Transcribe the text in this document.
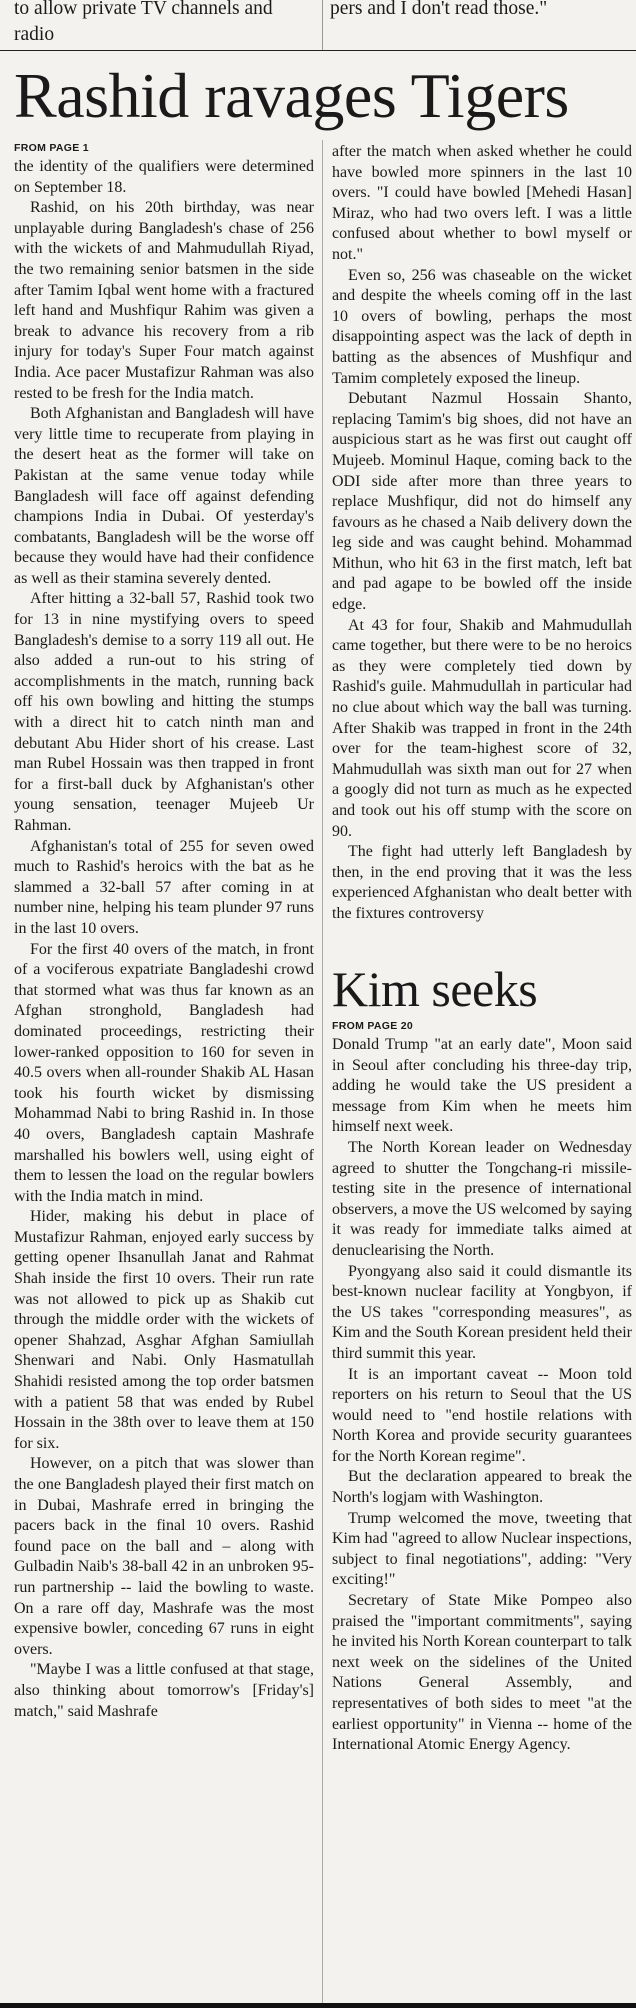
to allow private TV channels and radio

pers and I don't read those."

Rashid ravages Tigers
FROM PAGE 1

the identity of the qualifiers were determined on September 18.

Rashid, on his 20th birthday, was near unplayable during Bangladesh's chase of 256 with the wickets of and Mahmudullah Riyad, the two remaining senior batsmen in the side after Tamim Iqbal went home with a fractured left hand and Mushfiqur Rahim was given a break to advance his recovery from a rib injury for today's Super Four match against India. Ace pacer Mustafizur Rahman was also rested to be fresh for the India match.

Both Afghanistan and Bangladesh will have very little time to recuperate from playing in the desert heat as the former will take on Pakistan at the same venue today while Bangladesh will face off against defending champions India in Dubai. Of yesterday's combatants, Bangladesh will be the worse off because they would have had their confidence as well as their stamina severely dented.

After hitting a 32-ball 57, Rashid took two for 13 in nine mystifying overs to speed Bangladesh's demise to a sorry 119 all out. He also added a run-out to his string of accomplishments in the match, running back off his own bowling and hitting the stumps with a direct hit to catch ninth man and debutant Abu Hider short of his crease. Last man Rubel Hossain was then trapped in front for a first-ball duck by Afghanistan's other young sensation, teenager Mujeeb Ur Rahman.

Afghanistan's total of 255 for seven owed much to Rashid's heroics with the bat as he slammed a 32-ball 57 after coming in at number nine, helping his team plunder 97 runs in the last 10 overs.

For the first 40 overs of the match, in front of a vociferous expatriate Bangladeshi crowd that stormed what was thus far known as an Afghan stronghold, Bangladesh had dominated proceedings, restricting their lower-ranked opposition to 160 for seven in 40.5 overs when all-rounder Shakib AL Hasan took his fourth wicket by dismissing Mohammad Nabi to bring Rashid in. In those 40 overs, Bangladesh captain Mashrafe marshalled his bowlers well, using eight of them to lessen the load on the regular bowlers with the India match in mind.

Hider, making his debut in place of Mustafizur Rahman, enjoyed early success by getting opener Ihsanullah Janat and Rahmat Shah inside the first 10 overs. Their run rate was not allowed to pick up as Shakib cut through the middle order with the wickets of opener Shahzad, Asghar Afghan Samiullah Shenwari and Nabi. Only Hasmatullah Shahidi resisted among the top order batsmen with a patient 58 that was ended by Rubel Hossain in the 38th over to leave them at 150 for six.

However, on a pitch that was slower than the one Bangladesh played their first match on in Dubai, Mashrafe erred in bringing the pacers back in the final 10 overs. Rashid found pace on the ball and – along with Gulbadin Naib's 38-ball 42 in an unbroken 95-run partnership -- laid the bowling to waste. On a rare off day, Mashrafe was the most expensive bowler, conceding 67 runs in eight overs.

"Maybe I was a little confused at that stage, also thinking about tomorrow's [Friday's] match," said Mashrafe

after the match when asked whether he could have bowled more spinners in the last 10 overs. "I could have bowled [Mehedi Hasan] Miraz, who had two overs left. I was a little confused about whether to bowl myself or not."

Even so, 256 was chaseable on the wicket and despite the wheels coming off in the last 10 overs of bowling, perhaps the most disappointing aspect was the lack of depth in batting as the absences of Mushfiqur and Tamim completely exposed the lineup.

Debutant Nazmul Hossain Shanto, replacing Tamim's big shoes, did not have an auspicious start as he was first out caught off Mujeeb. Mominul Haque, coming back to the ODI side after more than three years to replace Mushfiqur, did not do himself any favours as he chased a Naib delivery down the leg side and was caught behind. Mohammad Mithun, who hit 63 in the first match, left bat and pad agape to be bowled off the inside edge.

At 43 for four, Shakib and Mahmudullah came together, but there were to be no heroics as they were completely tied down by Rashid's guile. Mahmudullah in particular had no clue about which way the ball was turning. After Shakib was trapped in front in the 24th over for the team-highest score of 32, Mahmudullah was sixth man out for 27 when a googly did not turn as much as he expected and took out his off stump with the score on 90.

The fight had utterly left Bangladesh by then, in the end proving that it was the less experienced Afghanistan who dealt better with the fixtures controversy

Kim seeks
FROM PAGE 20

Donald Trump "at an early date", Moon said in Seoul after concluding his three-day trip, adding he would take the US president a message from Kim when he meets him himself next week.

The North Korean leader on Wednesday agreed to shutter the Tongchang-ri missile-testing site in the presence of international observers, a move the US welcomed by saying it was ready for immediate talks aimed at denuclearising the North.

Pyongyang also said it could dismantle its best-known nuclear facility at Yongbyon, if the US takes "corresponding measures", as Kim and the South Korean president held their third summit this year.

It is an important caveat -- Moon told reporters on his return to Seoul that the US would need to "end hostile relations with North Korea and provide security guarantees for the North Korean regime".

But the declaration appeared to break the North's logjam with Washington.

Trump welcomed the move, tweeting that Kim had "agreed to allow Nuclear inspections, subject to final negotiations", adding: "Very exciting!"

Secretary of State Mike Pompeo also praised the "important commitments", saying he invited his North Korean counterpart to talk next week on the sidelines of the United Nations General Assembly, and representatives of both sides to meet "at the earliest opportunity" in Vienna -- home of the International Atomic Energy Agency.
